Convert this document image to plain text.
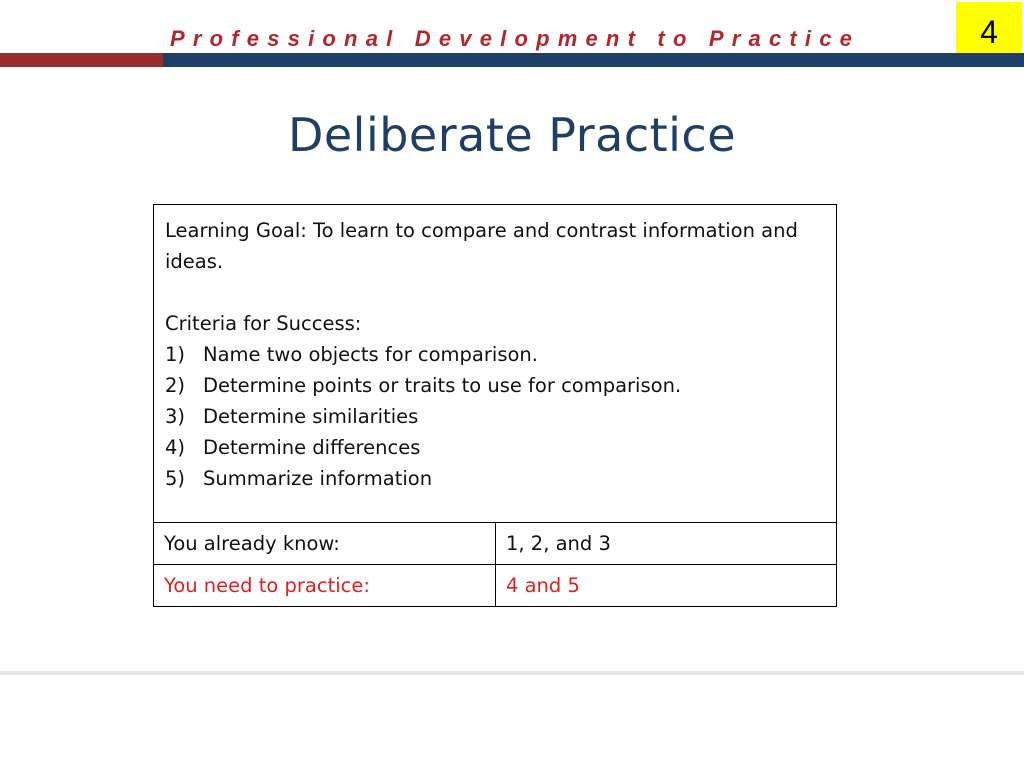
Professional Development to Practice	4
Deliberate Practice

Learning Goal: To learn to compare and contrast information and ideas.

Criteria for Success:

1) Name two objects for comparison.
2) Determine points or traits to use for comparison.
3) Determine similarities
4) Determine differences
5) Summarize information
You already know:	1, 2, and 3
You need to practice:	4 and 5
